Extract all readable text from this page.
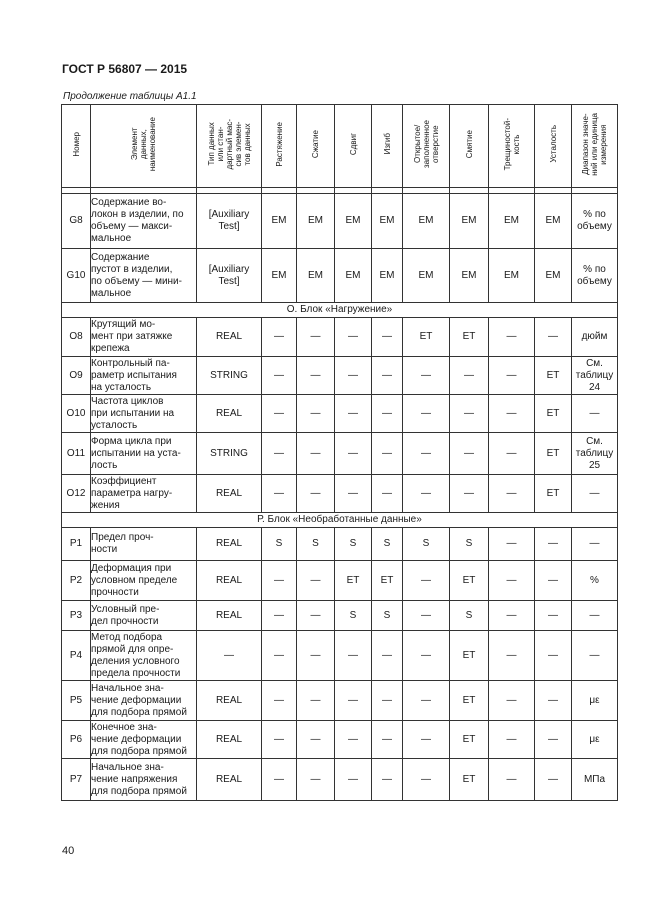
ГОСТ Р 56807 — 2015
Продолжение таблицы А1.1
Номер	Элемент
данных,
наименование	Тип данных
или стан-
дартный мас-
сив элемен-
тов данных	Растяжение	Сжатие	Сдвиг	Изгиб	Открытое/
заполненное
отверстие	Смятие	Трещиностой-
кость	Усталость	Диапазон значе-
ний или единица
измерения

G8	Содержание во-
локон в изделии, по
объему — макси-
мальное	[Auxiliary
Test]	EM	EM	EM	EM	EM	EM	EM	EM	% по
объему
G10	Содержание
пустот в изделии,
по объему — мини-
мальное	[Auxiliary
Test]	EM	EM	EM	EM	EM	EM	EM	EM	% по
объему
О. Блок «Нагружение»											
O8	Крутящий мо-
мент при затяжке
крепежа	REAL	—	—	—	—	ET	ET	—	—	дюйм
O9	Контрольный па-
раметр испытания
на усталость	STRING	—	—	—	—	—	—	—	ET	См.
таблицу
24
O10	Частота циклов
при испытании на
усталость	REAL	—	—	—	—	—	—	—	ET	—
O11	Форма цикла при
испытании на уста-
лость	STRING	—	—	—	—	—	—	—	ET	См.
таблицу
25
O12	Коэффициент
параметра нагру-
жения	REAL	—	—	—	—	—	—	—	ET	—
Р. Блок «Необработанные данные»											
P1	Предел проч-
ности	REAL	S	S	S	S	S	S	—	—	—
P2	Деформация при
условном пределе
прочности	REAL	—	—	ET	ET	—	ET	—	—	%
P3	Условный пре-
дел прочности	REAL	—	—	S	S	—	S	—	—	—
P4	Метод подбора
прямой для опре-
деления условного
предела прочности	—	—	—	—	—	—	ET	—	—	—
P5	Начальное зна-
чение деформации
для подбора прямой	REAL	—	—	—	—	—	ET	—	—	με
P6	Конечное зна-
чение деформации
для подбора прямой	REAL	—	—	—	—	—	ET	—	—	με
P7	Начальное зна-
чение напряжения
для подбора прямой	REAL	—	—	—	—	—	ET	—	—	МПа
40
